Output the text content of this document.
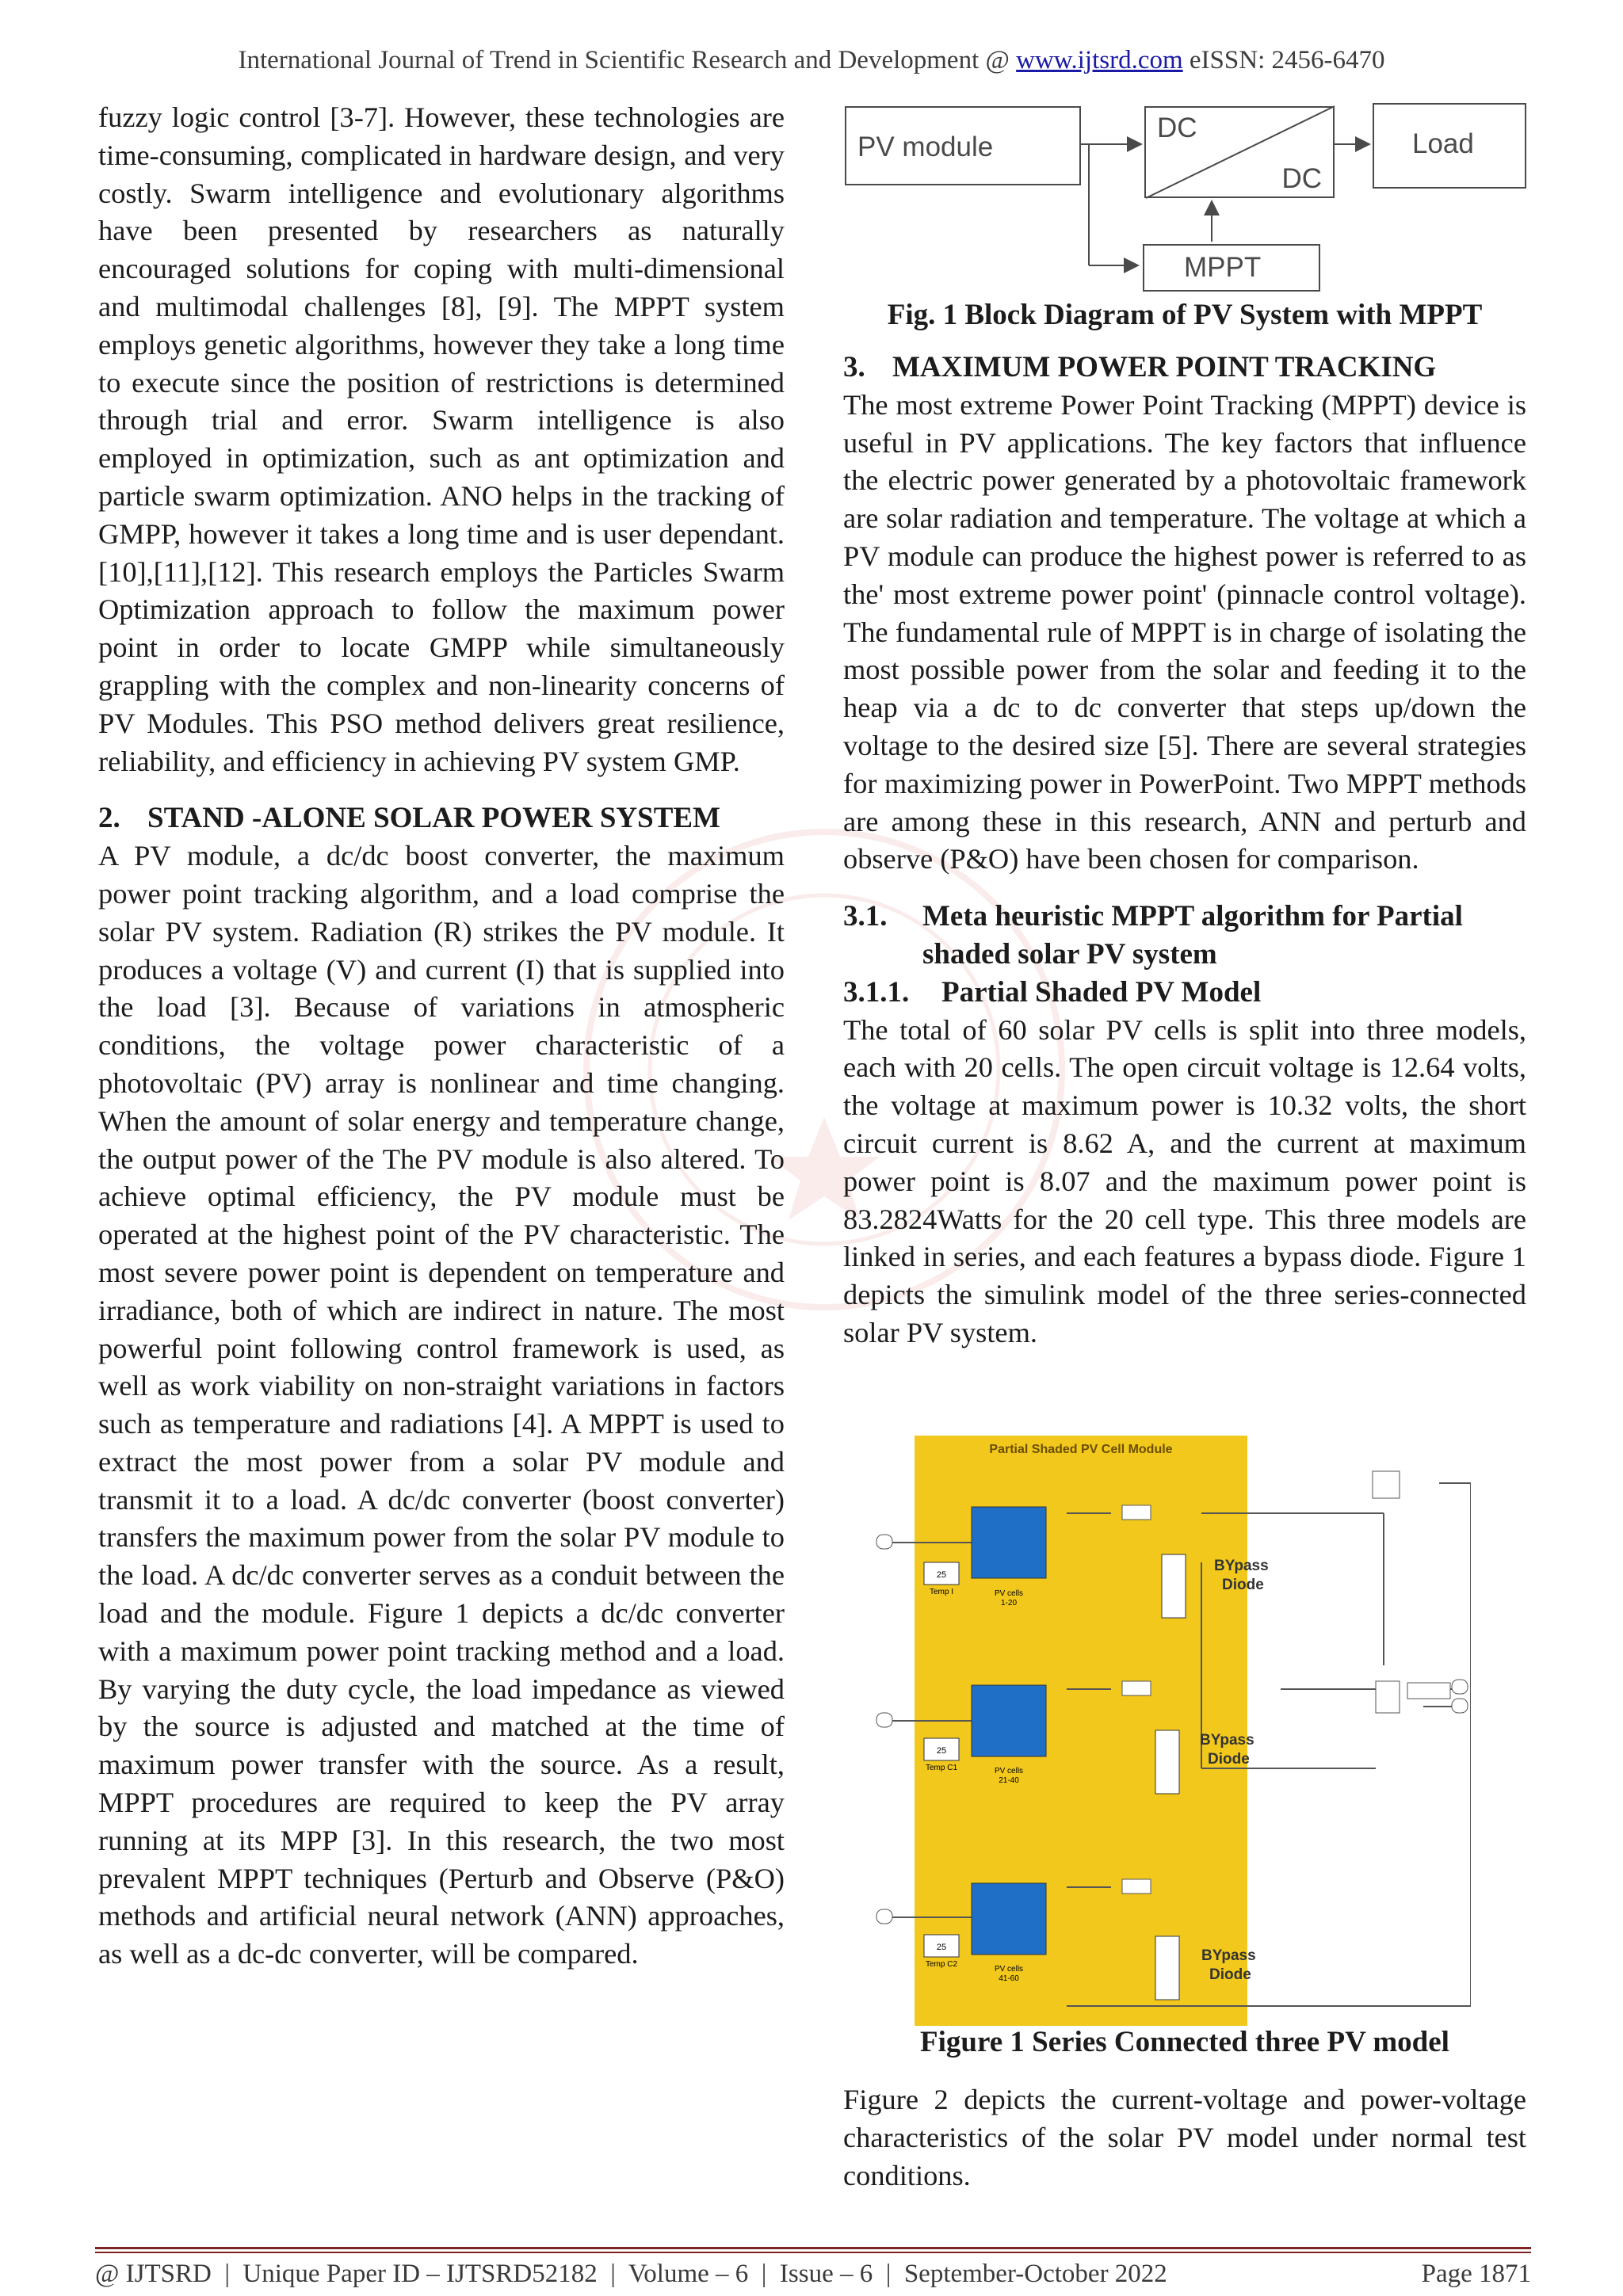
International Journal of Trend in Scientific Research and Development @ www.ijtsrd.com eISSN: 2456-6470

fuzzy logic control [3-7]. However, these technologies are time-consuming, complicated in hardware design, and very costly. Swarm intelligence and evolutionary algorithms have been presented by researchers as naturally encouraged solutions for coping with multi-dimensional and multimodal challenges [8], [9]. The MPPT system employs genetic algorithms, however they take a long time to execute since the position of restrictions is determined through trial and error. Swarm intelligence is also employed in optimization, such as ant optimization and particle swarm optimization. ANO helps in the tracking of GMPP, however it takes a long time and is user dependant. [10],[11],[12]. This research employs the Particles Swarm Optimization approach to follow the maximum power point in order to locate GMPP while simultaneously grappling with the complex and non-linearity concerns of PV Modules. This PSO method delivers great resilience, reliability, and efficiency in achieving PV system GMP.

2. STAND -ALONE SOLAR POWER SYSTEM

A PV module, a dc/dc boost converter, the maximum power point tracking algorithm, and a load comprise the solar PV system. Radiation (R) strikes the PV module. It produces a voltage (V) and current (I) that is supplied into the load [3]. Because of variations in atmospheric conditions, the voltage power characteristic of a photovoltaic (PV) array is nonlinear and time changing. When the amount of solar energy and temperature change, the output power of the The PV module is also altered. To achieve optimal efficiency, the PV module must be operated at the highest point of the PV characteristic. The most severe power point is dependent on temperature and irradiance, both of which are indirect in nature. The most powerful point following control framework is used, as well as work viability on non-straight variations in factors such as temperature and radiations [4]. A MPPT is used to extract the most power from a solar PV module and transmit it to a load. A dc/dc converter (boost converter) transfers the maximum power from the solar PV module to the load. A dc/dc converter serves as a conduit between the load and the module. Figure 1 depicts a dc/dc converter with a maximum power point tracking method and a load. By varying the duty cycle, the load impedance as viewed by the source is adjusted and matched at the time of maximum power transfer with the source. As a result, MPPT procedures are required to keep the PV array running at its MPP [3]. In this research, the two most prevalent MPPT techniques (Perturb and Observe (P&O) methods and artificial neural network (ANN) approaches, as well as a dc-dc converter, will be compared.

PV module
DC
DC
Load
MPPT
Fig. 1 Block Diagram of PV System with MPPT
3. MAXIMUM POWER POINT TRACKING

The most extreme Power Point Tracking (MPPT) device is useful in PV applications. The key factors that influence the electric power generated by a photovoltaic framework are solar radiation and temperature. The voltage at which a PV module can produce the highest power is referred to as the' most extreme power point' (pinnacle control voltage). The fundamental rule of MPPT is in charge of isolating the most possible power from the solar and feeding it to the heap via a dc to dc converter that steps up/down the voltage to the desired size [5]. There are several strategies for maximizing power in PowerPoint. Two MPPT methods are among these in this research, ANN and perturb and observe (P&O) have been chosen for comparison.

3.1.	Meta heuristic MPPT algorithm for Partial shaded solar PV system
3.1.1. Partial Shaded PV Model

The total of 60 solar PV cells is split into three models, each with 20 cells. The open circuit voltage is 12.64 volts, the voltage at maximum power is 10.32 volts, the short circuit current is 8.62 A, and the current at maximum power point is 8.07 and the maximum power point is 83.2824Watts for the 20 cell type. This three models are linked in series, and each features a bypass diode. Figure 1 depicts the simulink model of the three series-connected solar PV system.

Partial Shaded PV Cell Module
PV cells
1-20
25
Temp I
BYpass
Diode
PV cells
21-40
25
Temp C1
BYpass
Diode
PV cells
41-60
25
Temp C2
BYpass
Diode
Figure 1 Series Connected three PV model

Figure 2 depicts the current-voltage and power-voltage characteristics of the solar PV model under normal test conditions.

@ IJTSRD  |  Unique Paper ID – IJTSRD52182  |  Volume – 6  |  Issue – 6  |  September-October 2022	Page 1871
